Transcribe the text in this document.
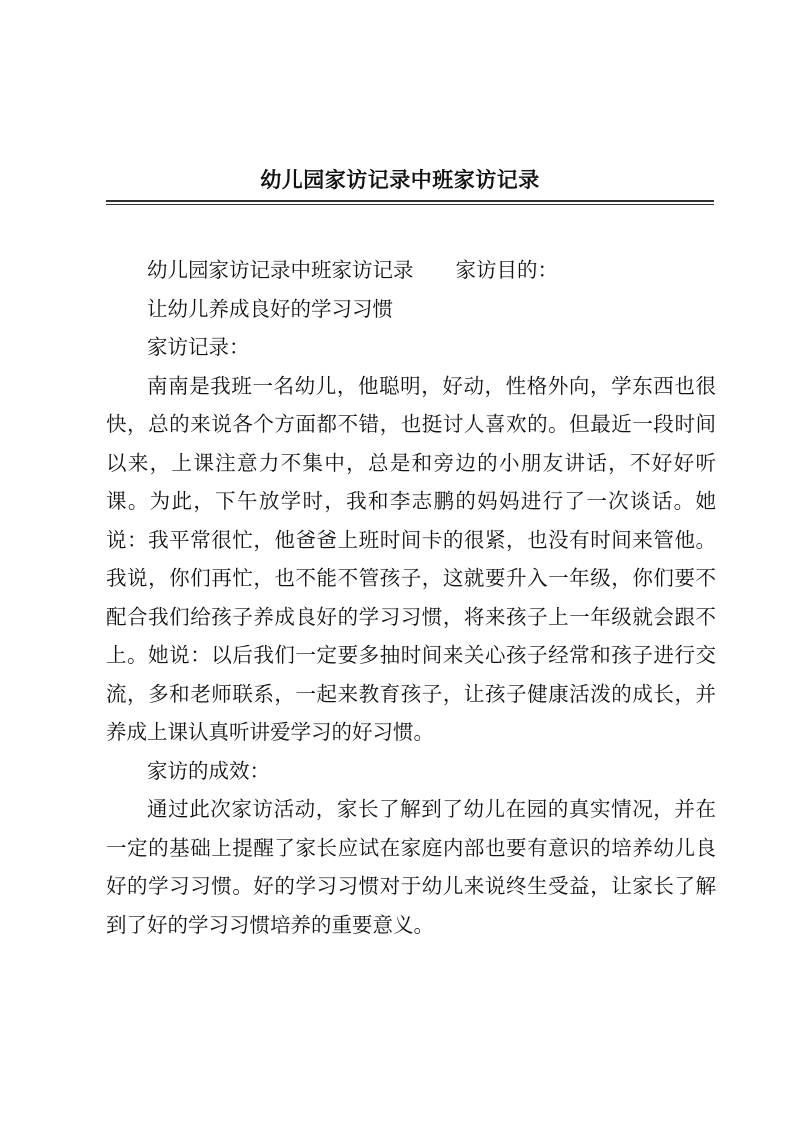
幼儿园家访记录中班家访记录

幼儿园家访记录中班家访记录 家访目的：

让幼儿养成良好的学习习惯

家访记录：

南南是我班一名幼儿，他聪明，好动，性格外向，学东西也很快，总的来说各个方面都不错，也挺讨人喜欢的。但最近一段时间以来，上课注意力不集中，总是和旁边的小朋友讲话，不好好听课。为此，下午放学时，我和李志鹏的妈妈进行了一次谈话。她说：我平常很忙，他爸爸上班时间卡的很紧，也没有时间来管他。我说，你们再忙，也不能不管孩子，这就要升入一年级，你们要不配合我们给孩子养成良好的学习习惯，将来孩子上一年级就会跟不上。她说：以后我们一定要多抽时间来关心孩子经常和孩子进行交流，多和老师联系，一起来教育孩子，让孩子健康活泼的成长，并养成上课认真听讲爱学习的好习惯。

家访的成效：

通过此次家访活动，家长了解到了幼儿在园的真实情况，并在一定的基础上提醒了家长应试在家庭内部也要有意识的培养幼儿良好的学习习惯。好的学习习惯对于幼儿来说终生受益，让家长了解到了好的学习习惯培养的重要意义。
